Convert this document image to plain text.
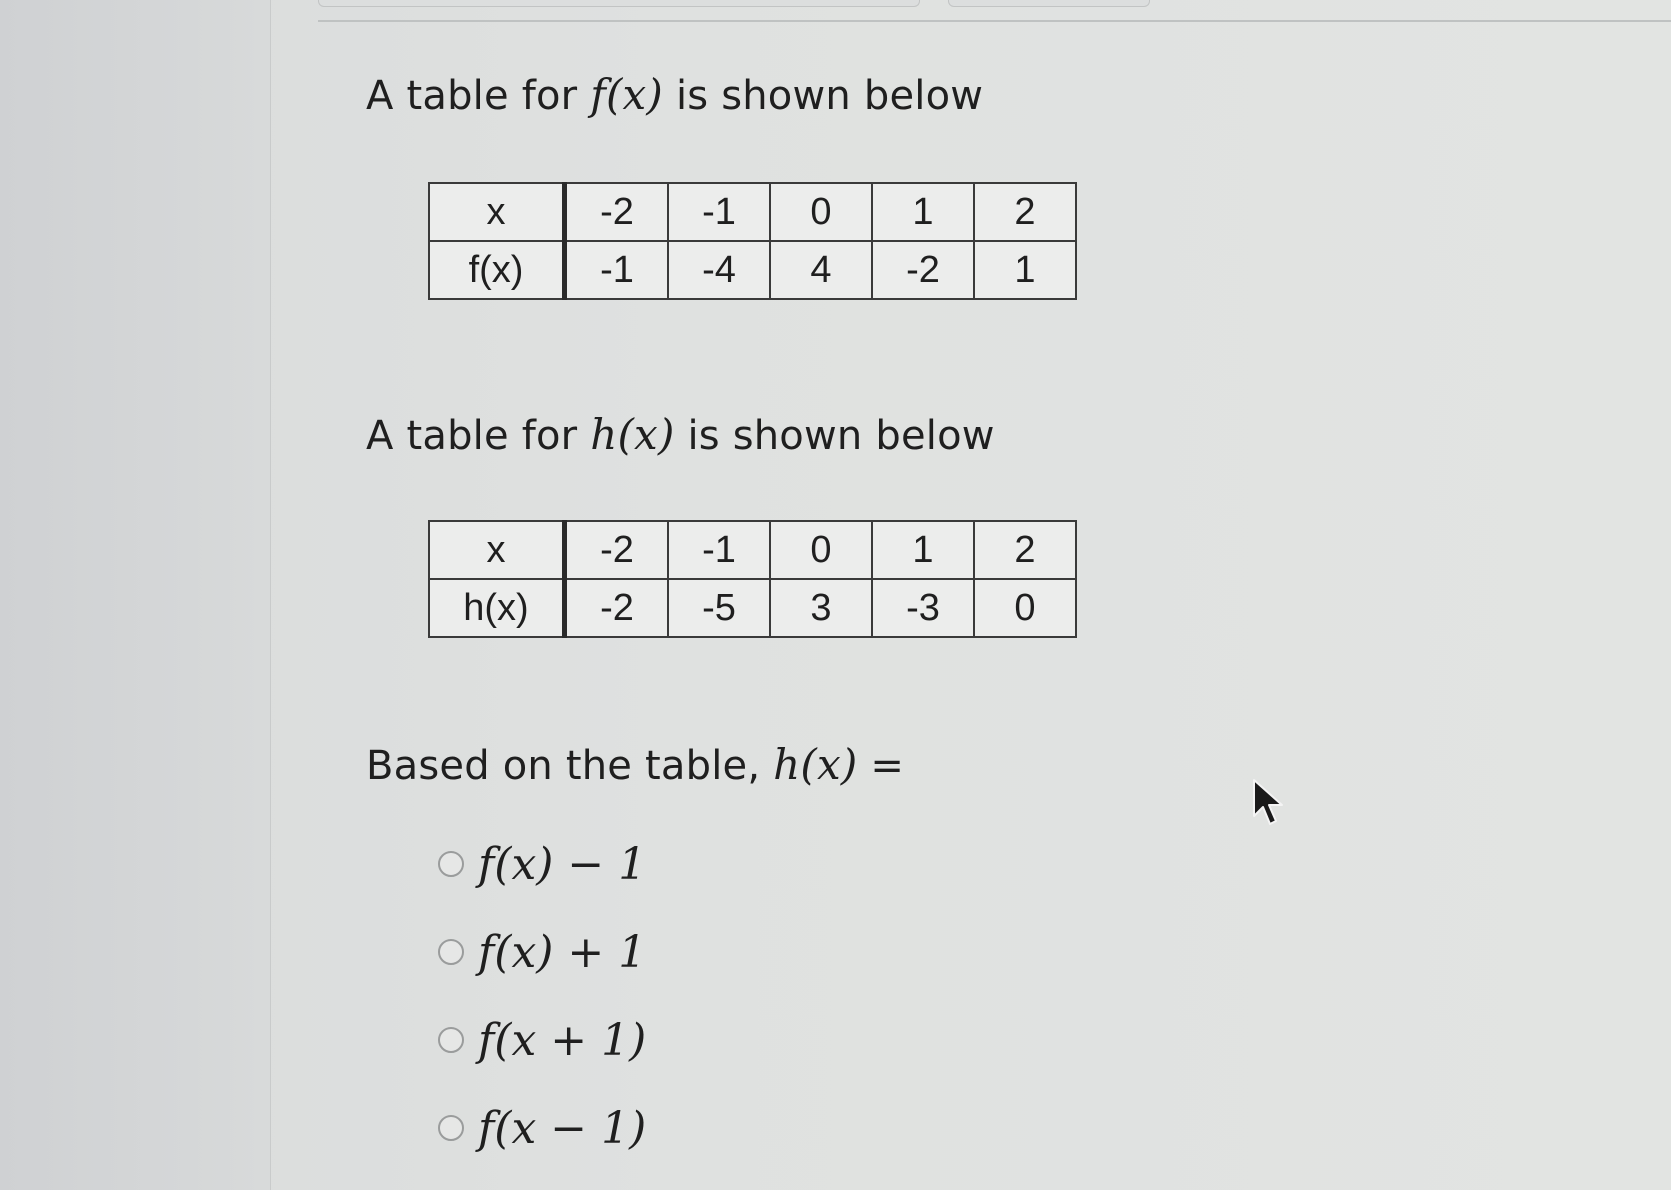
A table for f(x) is shown below
x	-2	-1	0	1	2
f(x)	-1	-4	4	-2	1
A table for h(x) is shown below
x	-2	-1	0	1	2
h(x)	-2	-5	3	-3	0
Based on the table, h(x) =
f(x) − 1
f(x) + 1
f(x + 1)
f(x − 1)
